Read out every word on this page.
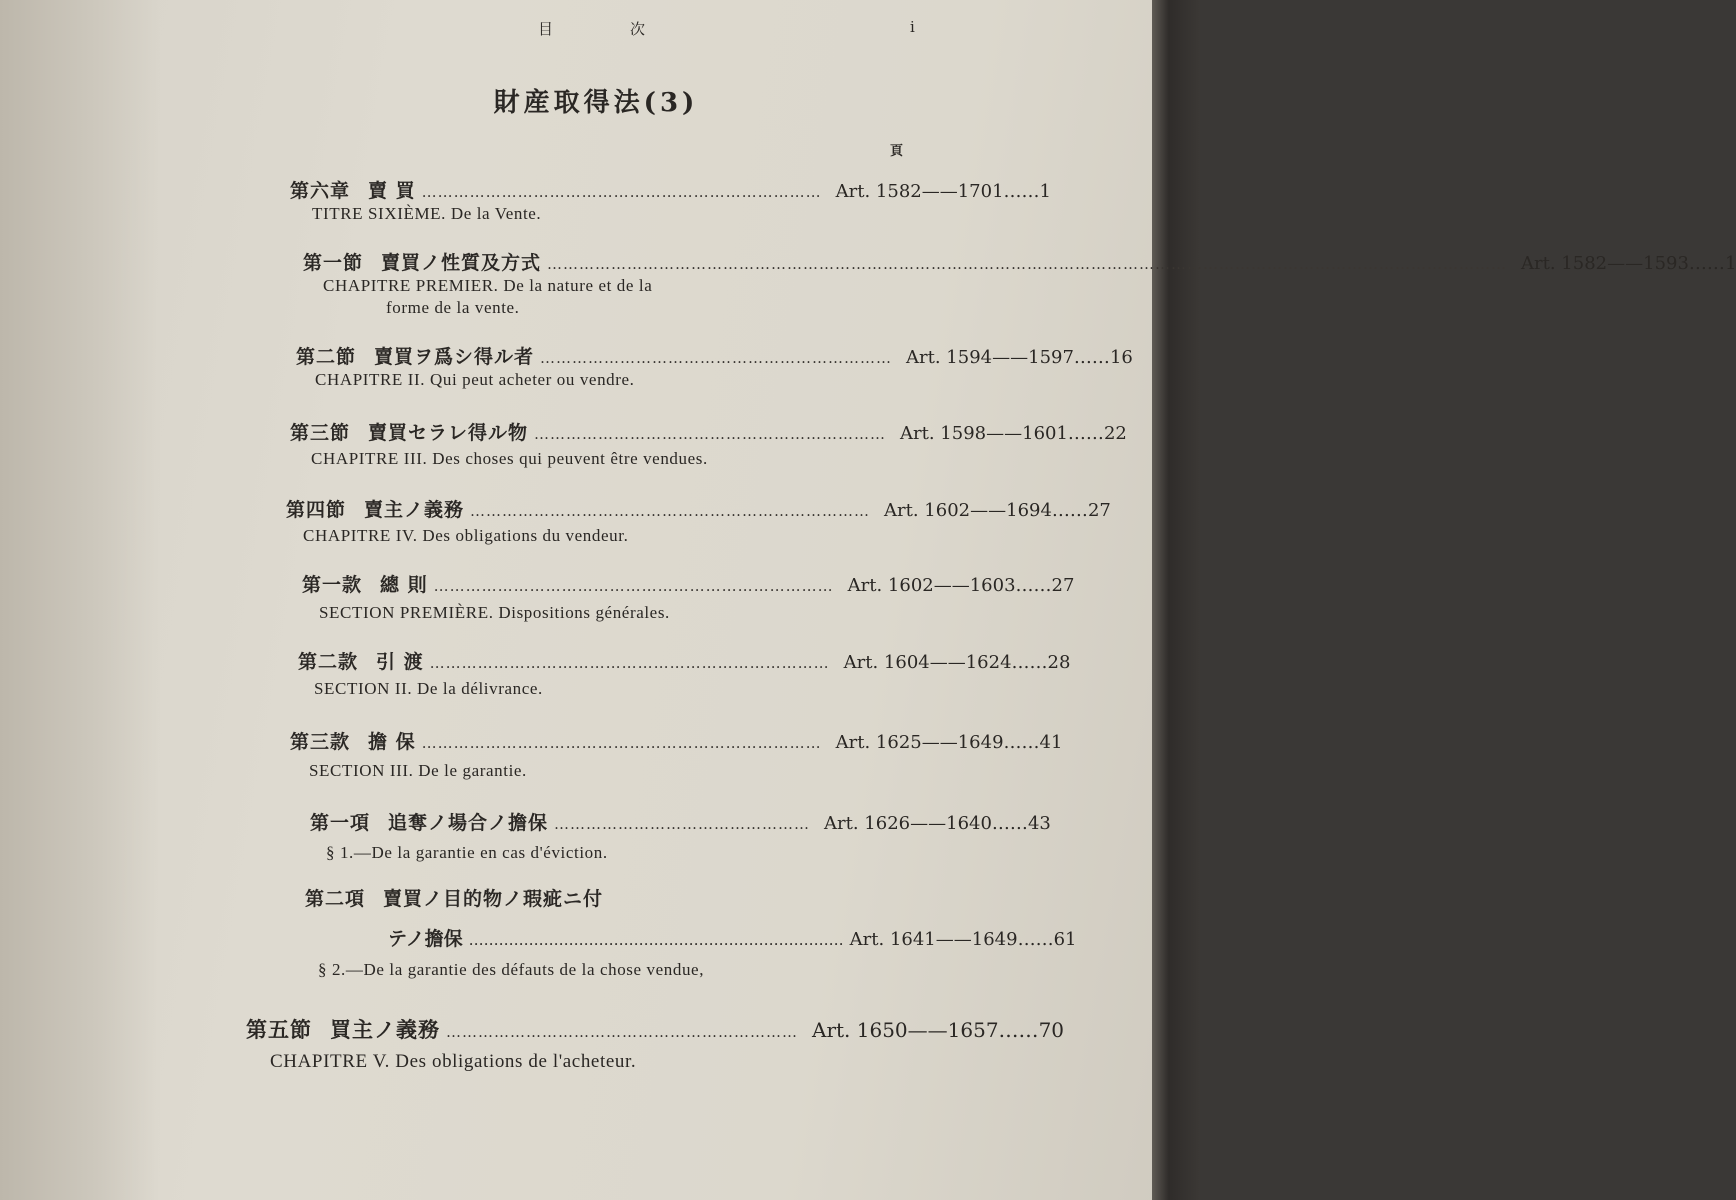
目	次	i
財産取得法(3)
頁
第六章 賣 買 ………………………………………………………………… Art. 1582——1701…… 1
TITRE SIXIÈME. De la Vente.
第一節 賣買ノ性質及方式 ……………………………………………………………………………………………………………………………………………………………… Art. 1582——1593…… 1
CHAPITRE PREMIER. De la nature et de la
forme de la vente.
第二節 賣買ヲ爲シ得ル者 ………………………………………………………… Art. 1594——1597…… 16
CHAPITRE II. Qui peut acheter ou vendre.
第三節 賣買セラレ得ル物 ………………………………………………………… Art. 1598——1601…… 22
CHAPITRE III. Des choses qui peuvent être vendues.
第四節 賣主ノ義務 ………………………………………………………………… Art. 1602——1694…… 27
CHAPITRE IV. Des obligations du vendeur.
第一款 總 則 ………………………………………………………………… Art. 1602——1603…… 27
SECTION PREMIÈRE. Dispositions générales.
第二款 引 渡 ………………………………………………………………… Art. 1604——1624…… 28
SECTION II. De la délivrance.
第三款 擔 保 ………………………………………………………………… Art. 1625——1649…… 41
SECTION III. De le garantie.
第一項 追奪ノ場合ノ擔保 ………………………………………… Art. 1626——1640…… 43
§ 1.—De la garantie en cas d'éviction.
第二項 賣買ノ目的物ノ瑕疵ニ付
テノ擔保 ………………………………………………………………… Art. 1641——1649…… 61
§ 2.—De la garantie des défauts de la chose vendue,
第五節 買主ノ義務 ………………………………………………………… Art. 1650——1657…… 70
CHAPITRE V. Des obligations de l'acheteur.
